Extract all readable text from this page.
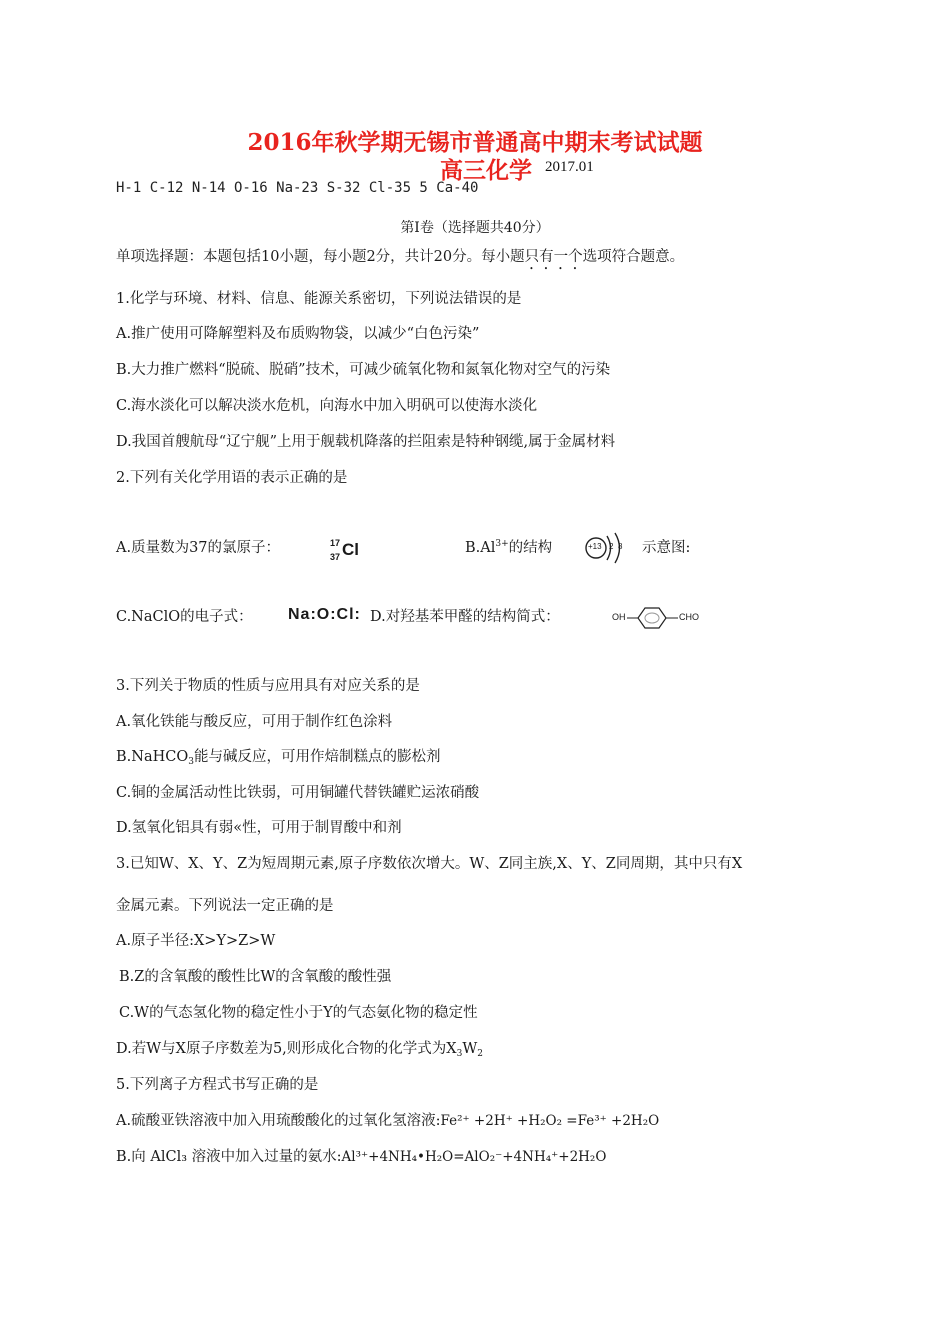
2016年秋学期无锡市普通高中期末考试试题
高三化学 2017.01
H-1 C-12 N-14 O-16 Na-23 S-32 Cl-35 5 Ca-40
第Ⅰ卷（选择题共40分）
单项选择题：本题包括10小题，每小题2分，共计20分。每小题只有一个选项符合题意。
1.化学与环境、材料、信息、能源关系密切，下列说法错误的是
A.推广使用可降解塑料及布质购物袋，以减少“白色污染”
B.大力推广燃料“脱硫、脱硝”技术，可减少硫氧化物和氮氧化物对空气的污染
C.海水淡化可以解决淡水危机，向海水中加入明矾可以使海水淡化
D.我国首艘航母“辽宁舰”上用于舰载机降落的拦阻索是特种钢缆,属于金属材料
2.下列有关化学用语的表示正确的是
A.质量数为37的氯原子：	17
37 Cl	$B.Al^{3+}$的结构	+13 2 8 示意图:
C.NaClO的电子式： Na:O:Cl: D.对羟基苯甲醛的结构简式：	OH	CHO
3.下列关于物质的性质与应用具有对应关系的是
A.氧化铁能与酸反应，可用于制作红色涂料
B.NaHCO$_3$能与碱反应，可用作焙制糕点的膨松剂
C.铜的金属活动性比铁弱，可用铜罐代替铁罐贮运浓硝酸
D.氢氧化铝具有弱«性，可用于制胃酸中和剂
3.已知W、X、Y、Z为短周期元素,原子序数依次增大。W、Z同主族,X、Y、Z同周期，其中只有X
金属元素。下列说法一定正确的是
A.原子半径:X>Y>Z>W
B.Z的含氧酸的酸性比W的含氧酸的酸性强
C.W的气态氢化物的稳定性小于Y的气态氨化物的稳定性
D.若W与X原子序数差为5,则形成化合物的化学式为$X_3W_2$
5.下列离子方程式书写正确的是
A.硫酸亚铁溶液中加入用琉酸酸化的过氧化氢溶液:Fe²⁺ +2H⁺ +H₂O₂ =Fe³⁺ +2H₂O
B.向 AlCl₃ 溶液中加入过量的氨水:Al³⁺+4NH₄•H₂O=AlO₂⁻+4NH₄⁺+2H₂O
